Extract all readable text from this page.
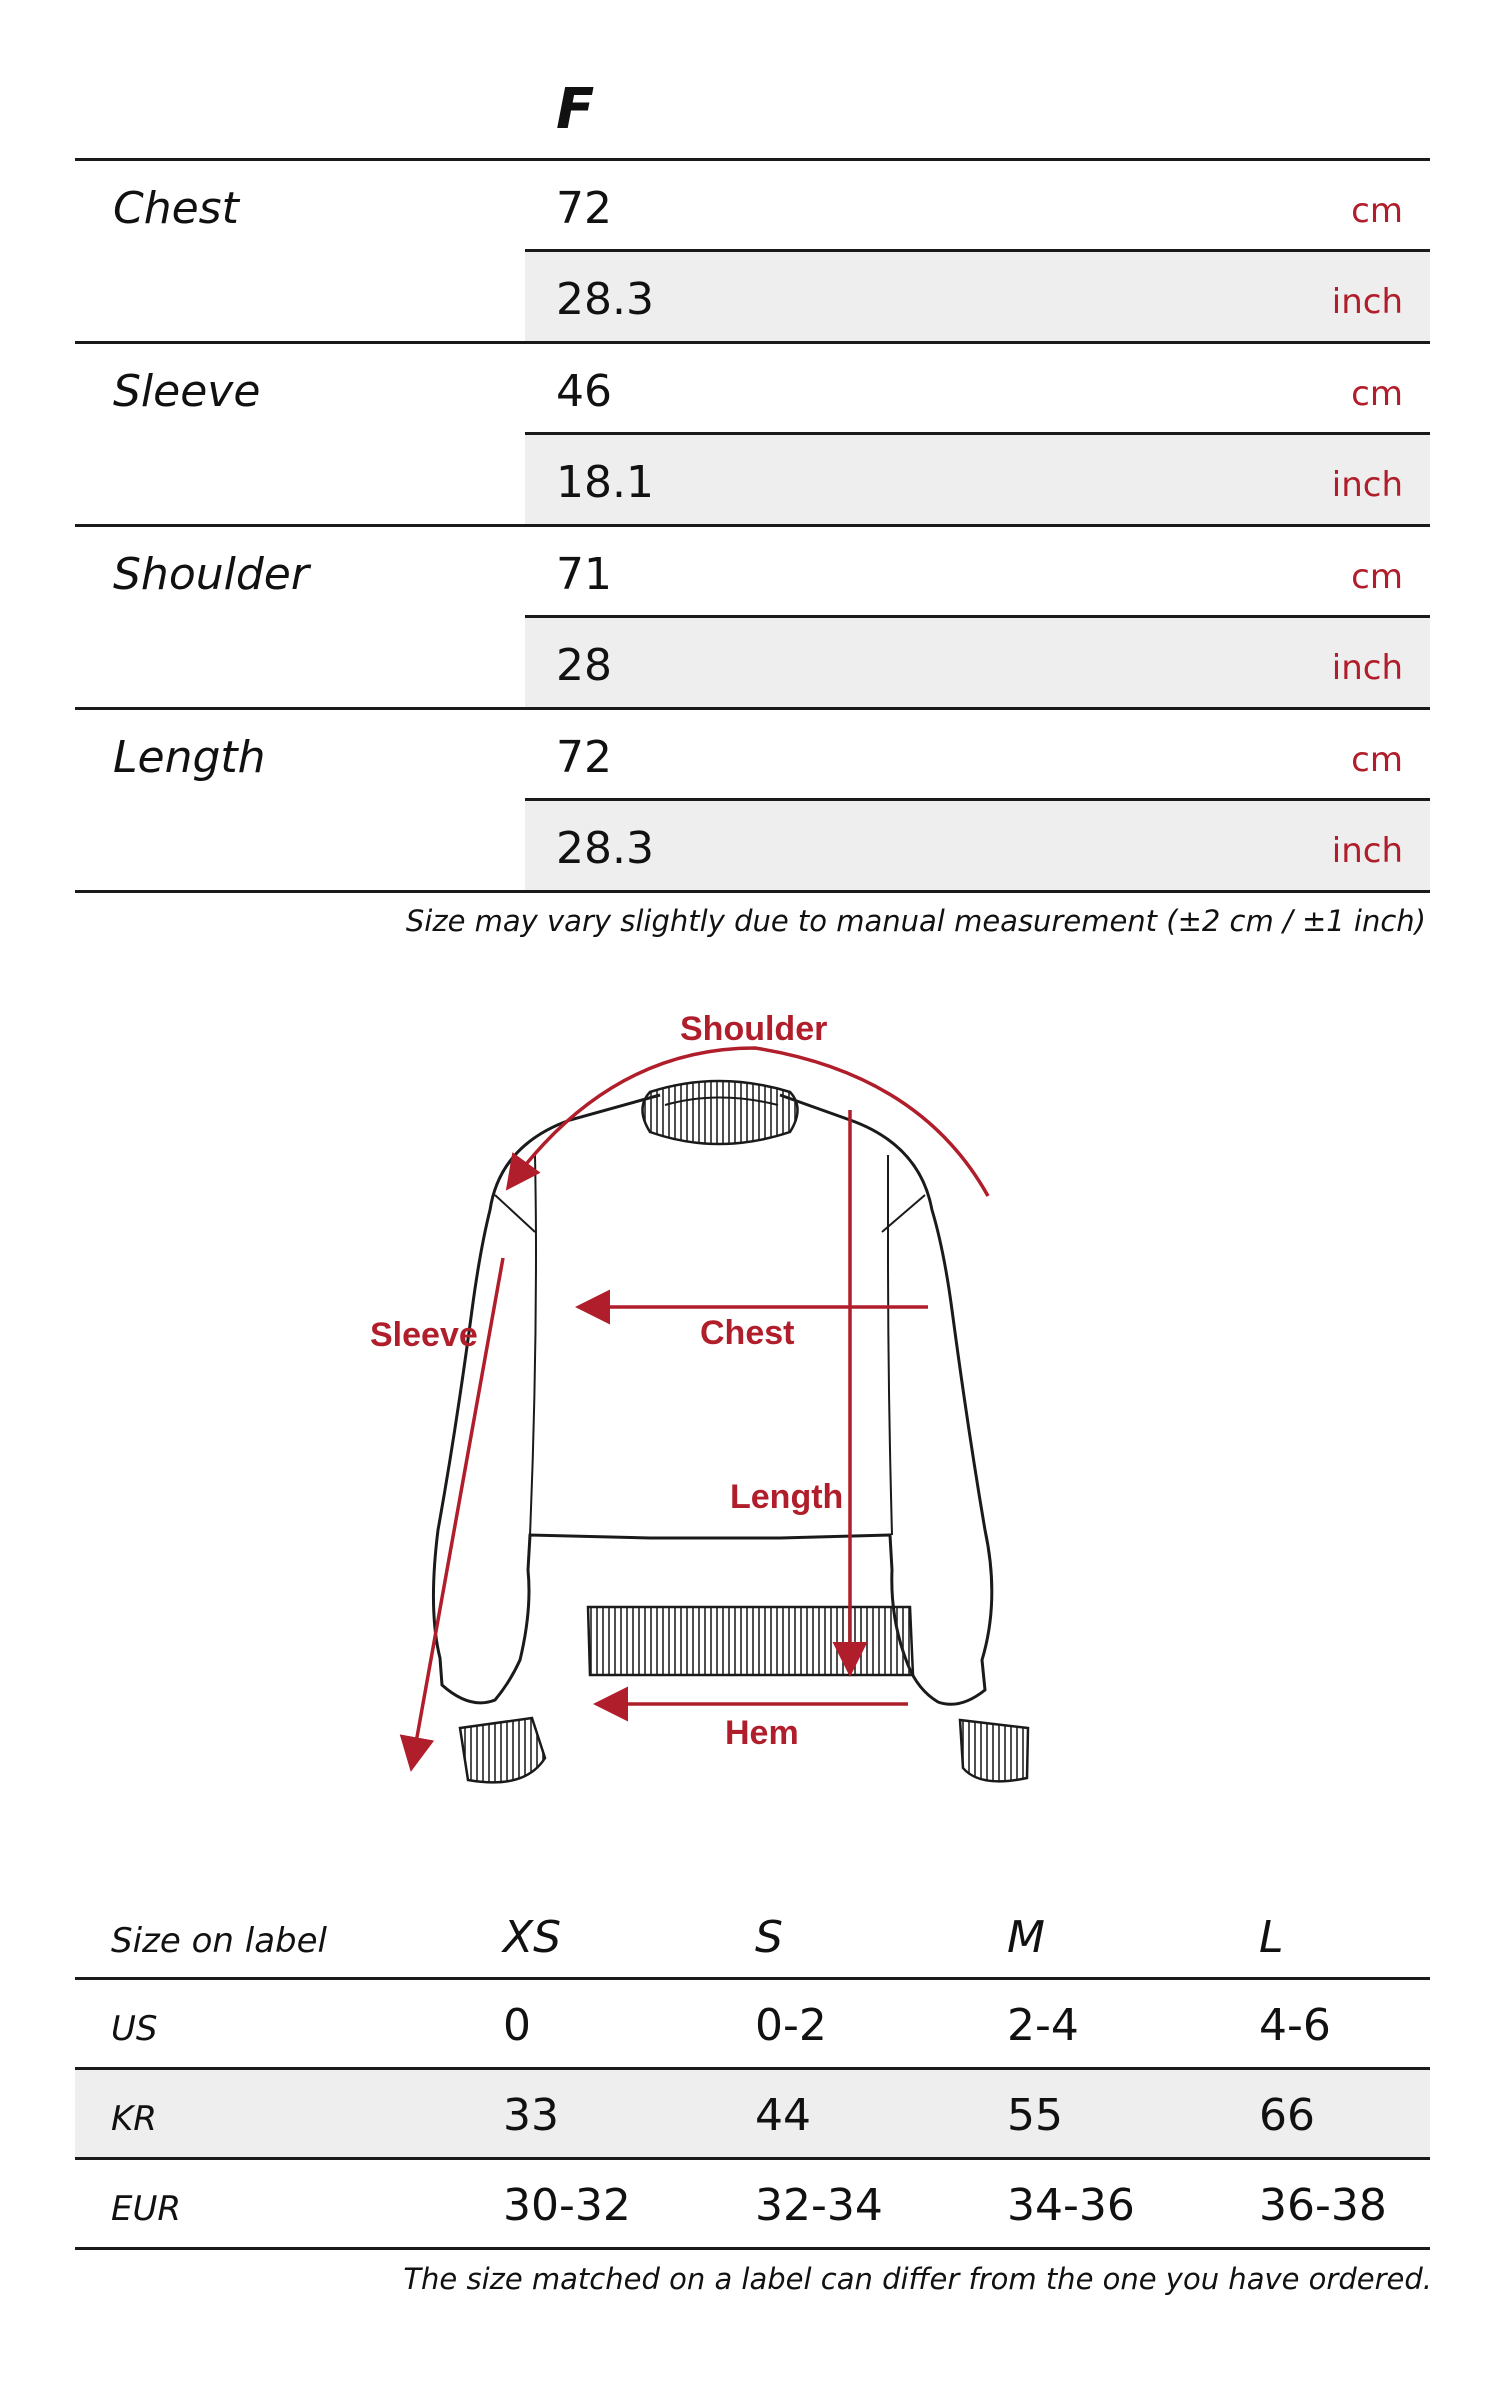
F
Chest	72	cm
28.3	inch
Sleeve	46	cm
18.1	inch
Shoulder	71	cm
28	inch
Length	72	cm
28.3	inch
Size may vary slightly due to manual measurement (±2 cm / ±1 inch)
Shoulder
Sleeve	Chest
Length
Hem
Size on label	XS	S	M	L
US	0	0-2	2-4	4-6
KR	33	44	55	66
EUR	30-32	32-34	34-36	36-38
The size matched on a label can differ from the one you have ordered.
